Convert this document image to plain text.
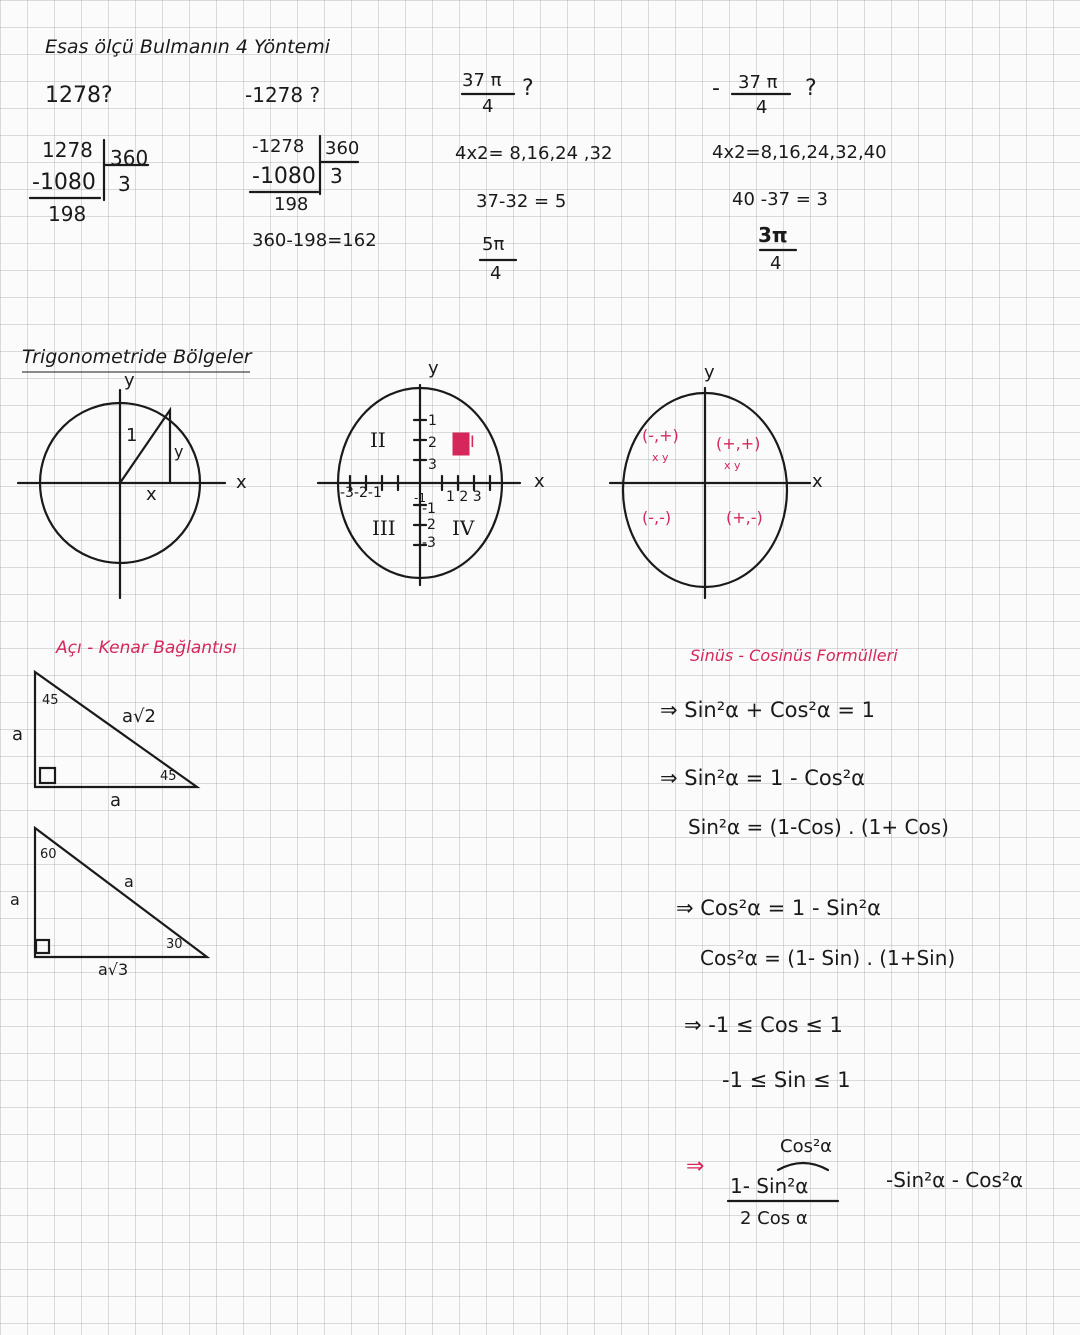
Esas ölçü Bulmanın 4 Yöntemi
1278?
1278 360
-1080 3
198
-1278 ?
-1278 360
-1080 3
198
360-198=162
37 π ?
4
4x2= 8,16,24 ,32
37-32 = 5
5π
4
- 37 π ?
4
4x2=8,16,24,32,40
40 -37 = 3
3π
4
Trigonometride Bölgeler
y
x
1
y
x
y
x
II	I
III	IV
1
2
3
-1
-2
-3
-3-2-1	1 2 3
-1
y
x
(-,+)
x y
(+,+)
x y
(-,-)	(+,-)
Açı - Kenar Bağlantısı
45
a√2
a
a
45
60
a
a
a√3
30
Sinüs - Cosinüs Formülleri
⇒ Sin²α + Cos²α = 1
⇒ Sin²α = 1 - Cos²α
Sin²α = (1-Cos) . (1+ Cos)
⇒ Cos²α = 1 - Sin²α
Cos²α = (1- Sin) . (1+Sin)
⇒ -1 ≤ Cos ≤ 1
-1 ≤ Sin ≤ 1
⇒
Cos²α
1- Sin²α
2 Cos α
-Sin²α - Cos²α
